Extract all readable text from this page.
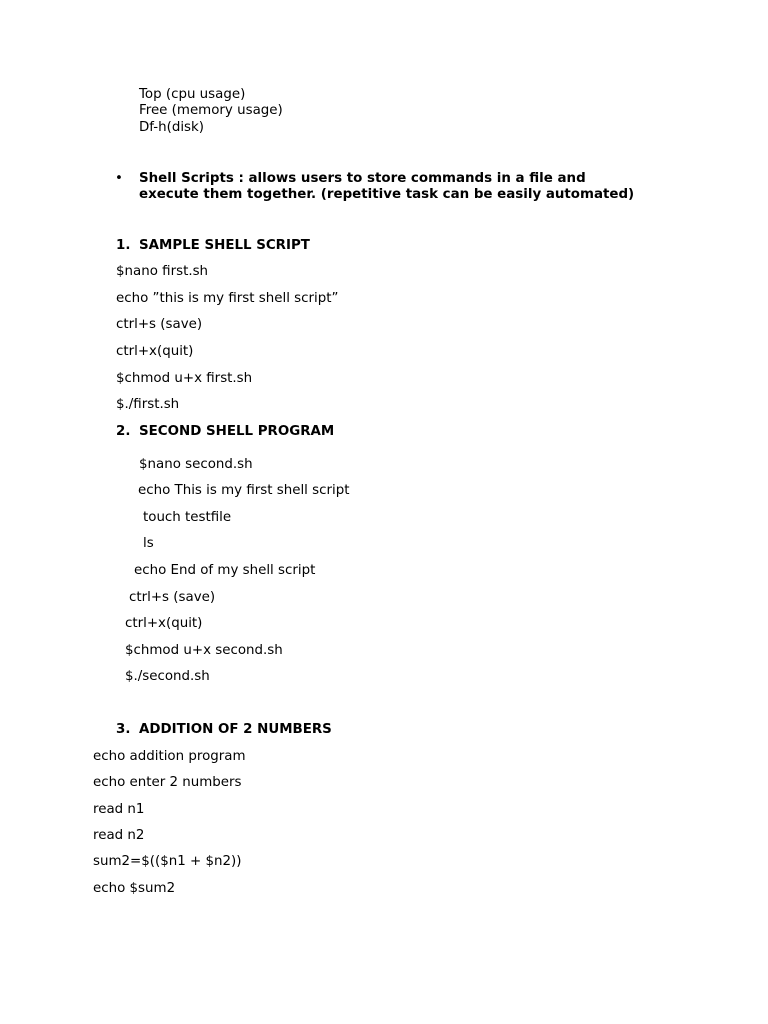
Top (cpu usage)
Free (memory usage)
Df-h(disk)
• Shell Scripts : allows users to store commands in a file and
execute them together. (repetitive task can be easily automated)
1. SAMPLE SHELL SCRIPT
$nano first.sh
echo ”this is my first shell script”
ctrl+s (save)
ctrl+x(quit)
$chmod u+x first.sh
$./first.sh
2. SECOND SHELL PROGRAM
$nano second.sh
echo This is my first shell script
touch testfile
ls
echo End of my shell script
ctrl+s (save)
ctrl+x(quit)
$chmod u+x second.sh
$./second.sh
3. ADDITION OF 2 NUMBERS
echo addition program
echo enter 2 numbers
read n1
read n2
sum2=$(($n1 + $n2))
echo $sum2
